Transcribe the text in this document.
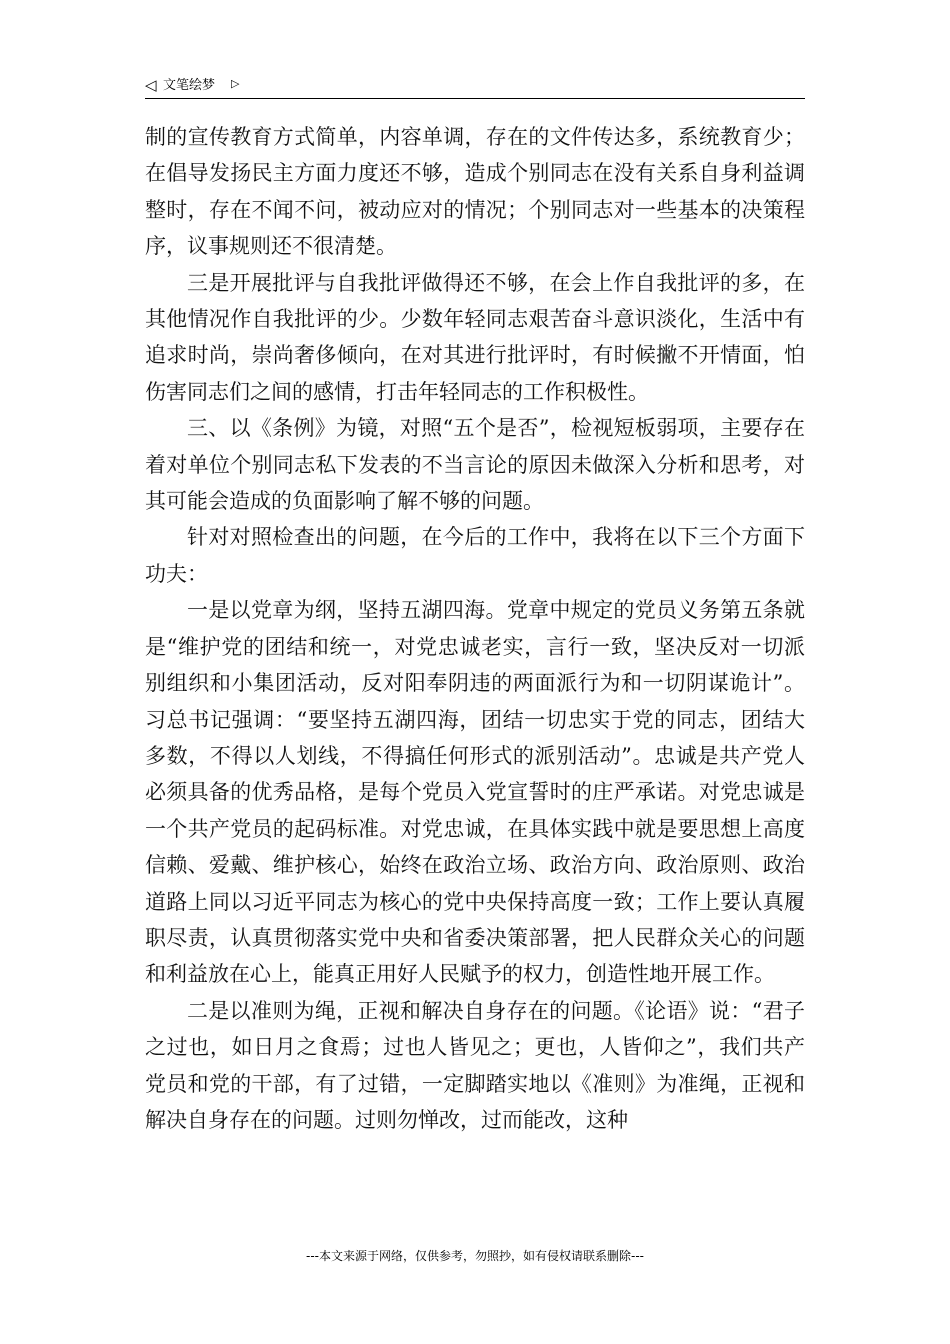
◁ 文笔绘梦 ▷

制的宣传教育方式简单，内容单调，存在的文件传达多，系统教育少；在倡导发扬民主方面力度还不够，造成个别同志在没有关系自身利益调整时，存在不闻不问，被动应对的情况；个别同志对一些基本的决策程序，议事规则还不很清楚。

三是开展批评与自我批评做得还不够，在会上作自我批评的多，在其他情况作自我批评的少。少数年轻同志艰苦奋斗意识淡化，生活中有追求时尚，崇尚奢侈倾向，在对其进行批评时，有时候撇不开情面，怕伤害同志们之间的感情，打击年轻同志的工作积极性。

三、以《条例》为镜，对照“五个是否”，检视短板弱项，主要存在着对单位个别同志私下发表的不当言论的原因未做深入分析和思考，对其可能会造成的负面影响了解不够的问题。

针对对照检查出的问题，在今后的工作中，我将在以下三个方面下功夫：

一是以党章为纲，坚持五湖四海。党章中规定的党员义务第五条就是“维护党的团结和统一，对党忠诚老实，言行一致，坚决反对一切派别组织和小集团活动，反对阳奉阴违的两面派行为和一切阴谋诡计”。习总书记强调：“要坚持五湖四海，团结一切忠实于党的同志，团结大多数，不得以人划线，不得搞任何形式的派别活动”。忠诚是共产党人必须具备的优秀品格，是每个党员入党宣誓时的庄严承诺。对党忠诚是一个共产党员的起码标准。对党忠诚，在具体实践中就是要思想上高度信赖、爱戴、维护核心，始终在政治立场、政治方向、政治原则、政治道路上同以习近平同志为核心的党中央保持高度一致；工作上要认真履职尽责，认真贯彻落实党中央和省委决策部署，把人民群众关心的问题和利益放在心上，能真正用好人民赋予的权力，创造性地开展工作。

二是以准则为绳，正视和解决自身存在的问题。《论语》说：“君子之过也，如日月之食焉；过也人皆见之；更也，人皆仰之”，我们共产党员和党的干部，有了过错，一定脚踏实地以《准则》为准绳，正视和解决自身存在的问题。过则勿惮改，过而能改，这种

---本文来源于网络，仅供参考，勿照抄，如有侵权请联系删除---
